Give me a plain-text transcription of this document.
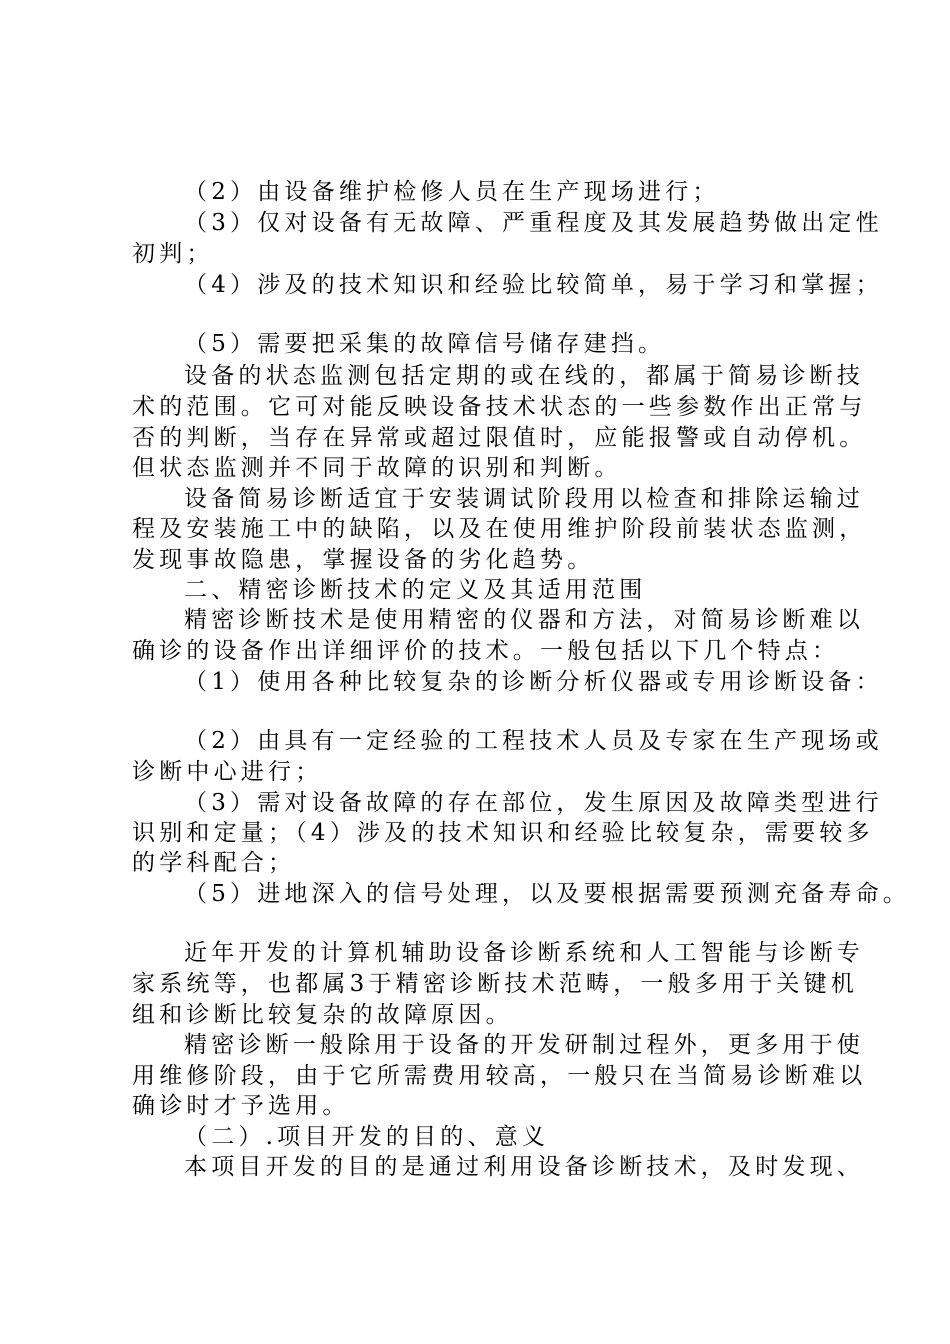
（2）由设备维护检修人员在生产现场进行；
（3）仅对设备有无故障、严重程度及其发展趋势做出定性
初判；
（4）涉及的技术知识和经验比较简单，易于学习和掌握；
（5）需要把采集的故障信号储存建挡。
设备的状态监测包括定期的或在线的，都属于简易诊断技
术的范围。它可对能反映设备技术状态的一些参数作出正常与
否的判断，当存在异常或超过限值时，应能报警或自动停机。
但状态监测并不同于故障的识别和判断。
设备简易诊断适宜于安装调试阶段用以检查和排除运输过
程及安装施工中的缺陷，以及在使用维护阶段前装状态监测，
发现事故隐患，掌握设备的劣化趋势。
二、精密诊断技术的定义及其适用范围
精密诊断技术是使用精密的仪器和方法，对简易诊断难以
确诊的设备作出详细评价的技术。一般包括以下几个特点：
（1）使用各种比较复杂的诊断分析仪器或专用诊断设备：
（2）由具有一定经验的工程技术人员及专家在生产现场或
诊断中心进行；
（3）需对设备故障的存在部位，发生原因及故障类型进行
识别和定量；（4）涉及的技术知识和经验比较复杂，需要较多
的学科配合；
（5）进地深入的信号处理，以及要根据需要预测充备寿命。
近年开发的计算机辅助设备诊断系统和人工智能与诊断专
家系统等，也都属3于精密诊断技术范畴，一般多用于关键机
组和诊断比较复杂的故障原因。
精密诊断一般除用于设备的开发研制过程外，更多用于使
用维修阶段，由于它所需费用较高，一般只在当简易诊断难以
确诊时才予选用。
（二）.项目开发的目的、意义
本项目开发的目的是通过利用设备诊断技术，及时发现、
